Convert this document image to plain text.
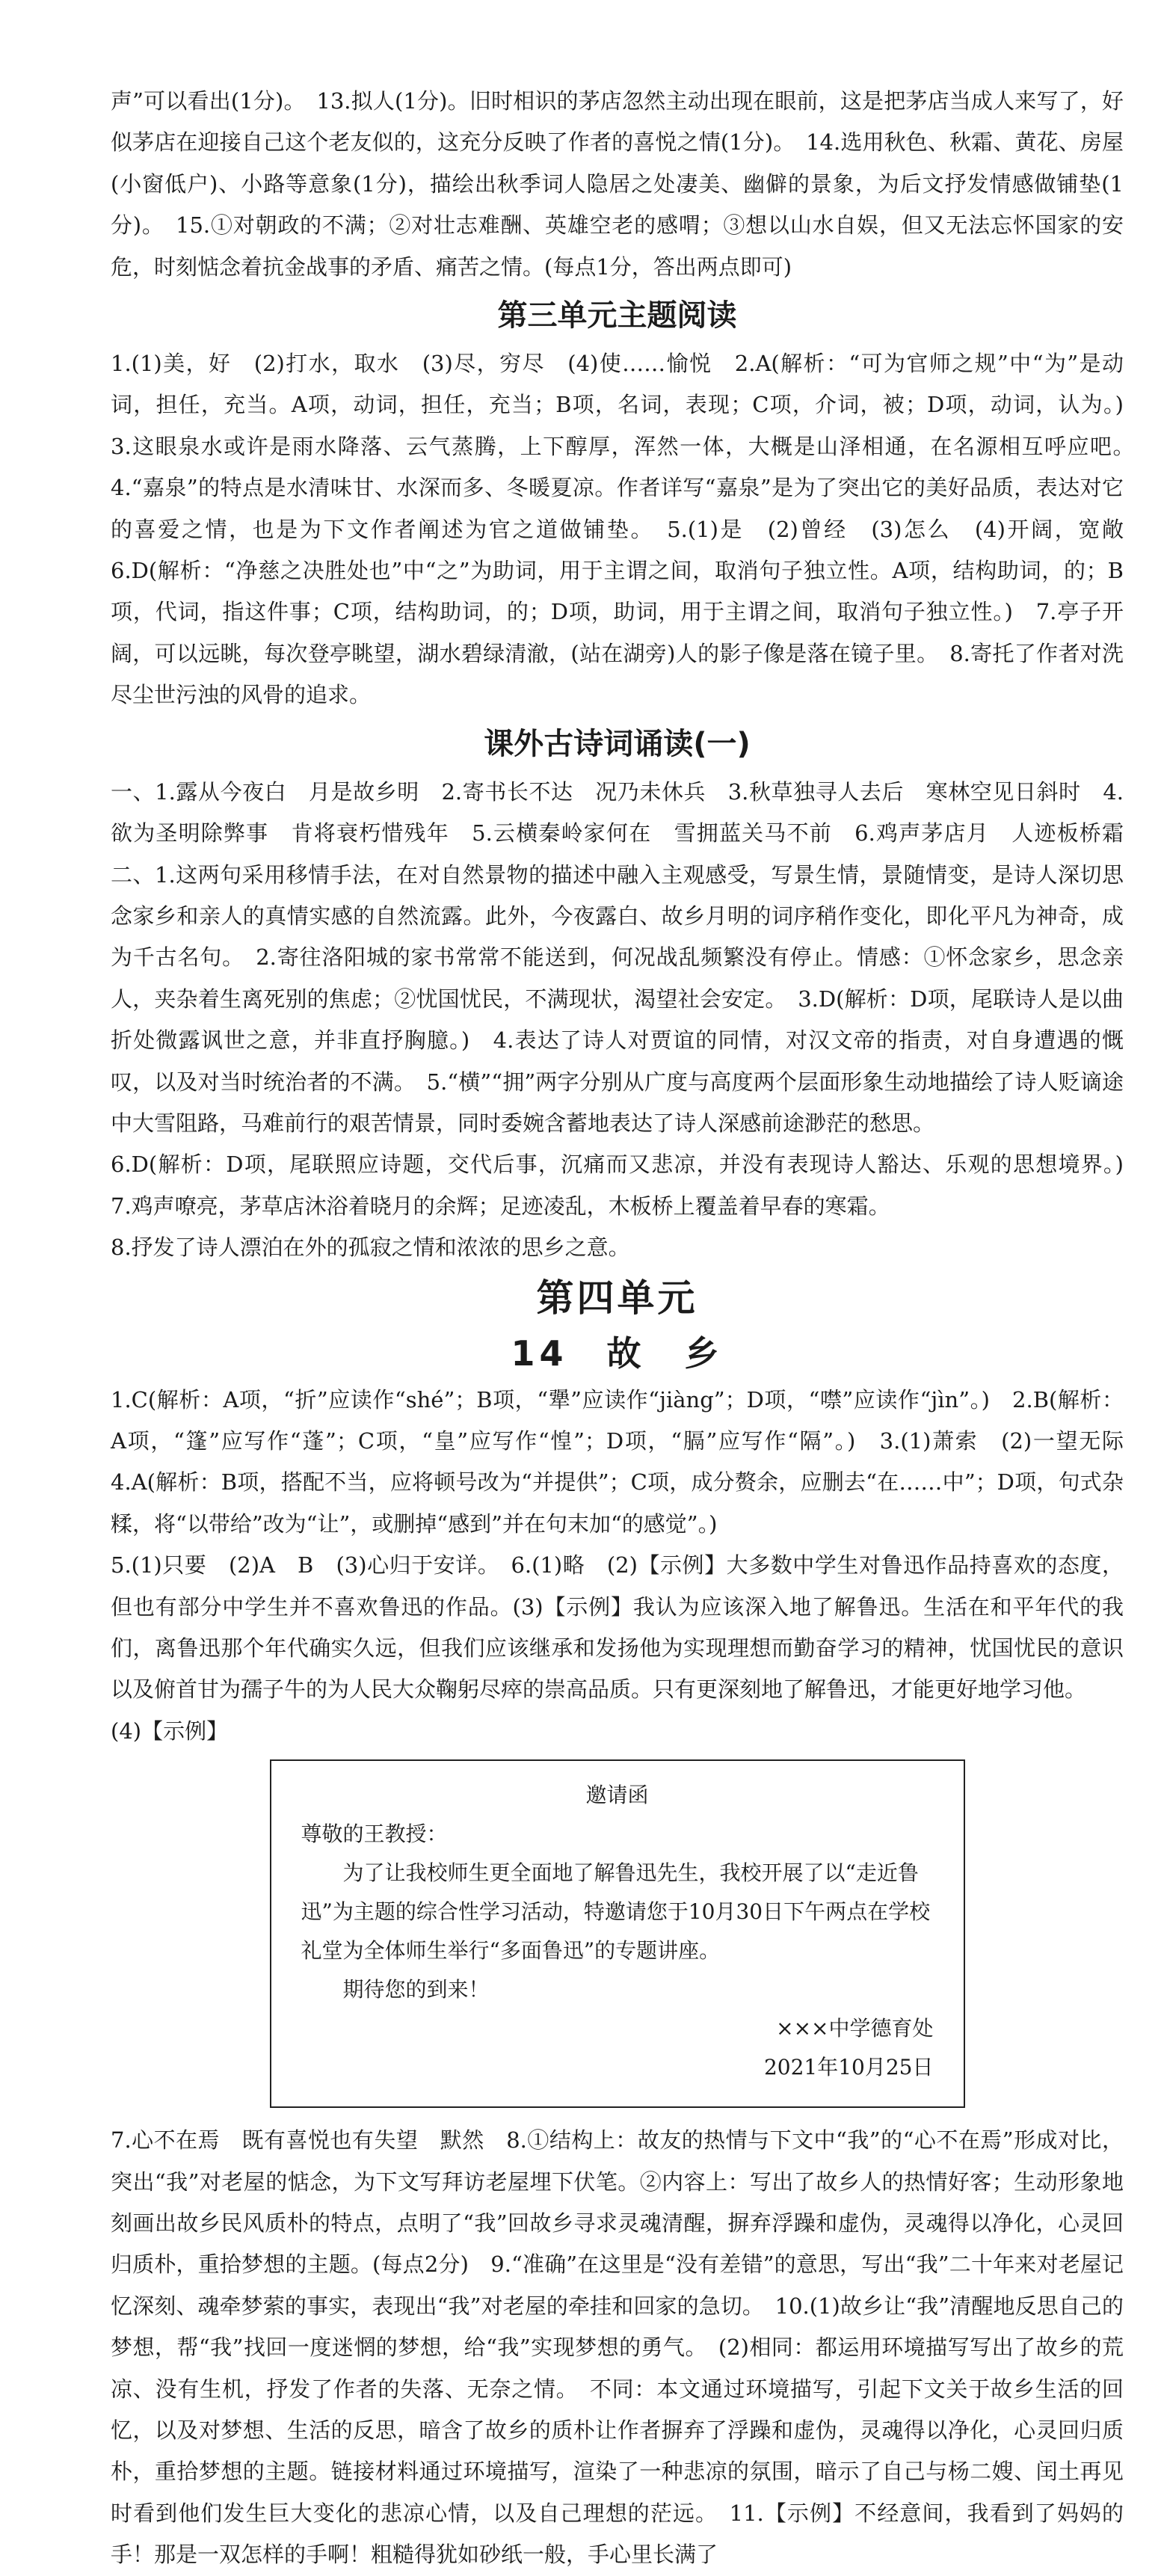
声”可以看出(1分)。　13.拟人(1分)。旧时相识的茅店忽然主动出现在眼前，这是把茅店当成人来写了，好似茅店在迎接自己这个老友似的，这充分反映了作者的喜悦之情(1分)。　14.选用秋色、秋霜、黄花、房屋(小窗低户)、小路等意象(1分)，描绘出秋季词人隐居之处凄美、幽僻的景象，为后文抒发情感做铺垫(1分)。　15.①对朝政的不满；②对壮志难酬、英雄空老的感喟；③想以山水自娱，但又无法忘怀国家的安危，时刻惦念着抗金战事的矛盾、痛苦之情。(每点1分，答出两点即可)

第三单元主题阅读

1.(1)美，好　(2)打水，取水　(3)尽，穷尽　(4)使……愉悦　2.A(解析：“可为官师之规”中“为”是动词，担任，充当。A项，动词，担任，充当；B项，名词，表现；C项，介词，被；D项，动词，认为。)　3.这眼泉水或许是雨水降落、云气蒸腾，上下醇厚，浑然一体，大概是山泽相通，在名源相互呼应吧。　4.“嘉泉”的特点是水清味甘、水深而多、冬暖夏凉。作者详写“嘉泉”是为了突出它的美好品质，表达对它的喜爱之情，也是为下文作者阐述为官之道做铺垫。　5.(1)是　(2)曾经　(3)怎么　(4)开阔，宽敞　6.D(解析：“净慈之决胜处也”中“之”为助词，用于主谓之间，取消句子独立性。A项，结构助词，的；B项，代词，指这件事；C项，结构助词，的；D项，助词，用于主谓之间，取消句子独立性。)　7.亭子开阔，可以远眺，每次登亭眺望，湖水碧绿清澈，(站在湖旁)人的影子像是落在镜子里。　8.寄托了作者对洗尽尘世污浊的风骨的追求。

课外古诗词诵读(一)

一、1.露从今夜白　月是故乡明　2.寄书长不达　况乃未休兵　3.秋草独寻人去后　寒林空见日斜时　4.欲为圣明除弊事　肯将衰朽惜残年　5.云横秦岭家何在　雪拥蓝关马不前　6.鸡声茅店月　人迹板桥霜　二、1.这两句采用移情手法，在对自然景物的描述中融入主观感受，写景生情，景随情变，是诗人深切思念家乡和亲人的真情实感的自然流露。此外，今夜露白、故乡月明的词序稍作变化，即化平凡为神奇，成为千古名句。　2.寄往洛阳城的家书常常不能送到，何况战乱频繁没有停止。情感：①怀念家乡，思念亲人，夹杂着生离死别的焦虑；②忧国忧民，不满现状，渴望社会安定。　3.D(解析：D项，尾联诗人是以曲折处微露讽世之意，并非直抒胸臆。)　4.表达了诗人对贾谊的同情，对汉文帝的指责，对自身遭遇的慨叹，以及对当时统治者的不满。　5.“横”“拥”两字分别从广度与高度两个层面形象生动地描绘了诗人贬谪途中大雪阻路，马难前行的艰苦情景，同时委婉含蓄地表达了诗人深感前途渺茫的愁思。

6.D(解析：D项，尾联照应诗题，交代后事，沉痛而又悲凉，并没有表现诗人豁达、乐观的思想境界。)　7.鸡声嘹亮，茅草店沐浴着晓月的余辉；足迹凌乱，木板桥上覆盖着早春的寒霜。

8.抒发了诗人漂泊在外的孤寂之情和浓浓的思乡之意。

第四单元
14　故　乡

1.C(解析：A项，“折”应读作“shé”；B项，“犟”应读作“jiàng”；D项，“噤”应读作“jìn”。)　2.B(解析：A项，“篷”应写作“蓬”；C项，“皇”应写作“惶”；D项，“膈”应写作“隔”。)　3.(1)萧索　(2)一望无际　4.A(解析：B项，搭配不当，应将顿号改为“并提供”；C项，成分赘余，应删去“在……中”；D项，句式杂糅，将“以带给”改为“让”，或删掉“感到”并在句末加“的感觉”。)

5.(1)只要　(2)A　B　(3)心归于安详。　6.(1)略　(2)【示例】大多数中学生对鲁迅作品持喜欢的态度，但也有部分中学生并不喜欢鲁迅的作品。(3)【示例】我认为应该深入地了解鲁迅。生活在和平年代的我们，离鲁迅那个年代确实久远，但我们应该继承和发扬他为实现理想而勤奋学习的精神，忧国忧民的意识以及俯首甘为孺子牛的为人民大众鞠躬尽瘁的崇高品质。只有更深刻地了解鲁迅，才能更好地学习他。

(4)【示例】

邀请函
尊敬的王教授：
为了让我校师生更全面地了解鲁迅先生，我校开展了以“走近鲁迅”为主题的综合性学习活动，特邀请您于10月30日下午两点在学校礼堂为全体师生举行“多面鲁迅”的专题讲座。
期待您的到来！
×××中学德育处
2021年10月25日

7.心不在焉　既有喜悦也有失望　默然　8.①结构上：故友的热情与下文中“我”的“心不在焉”形成对比，突出“我”对老屋的惦念，为下文写拜访老屋埋下伏笔。②内容上：写出了故乡人的热情好客；生动形象地刻画出故乡民风质朴的特点，点明了“我”回故乡寻求灵魂清醒，摒弃浮躁和虚伪，灵魂得以净化，心灵回归质朴，重拾梦想的主题。(每点2分)　9.“准确”在这里是“没有差错”的意思，写出“我”二十年来对老屋记忆深刻、魂牵梦萦的事实，表现出“我”对老屋的牵挂和回家的急切。　10.(1)故乡让“我”清醒地反思自己的梦想，帮“我”找回一度迷惘的梦想，给“我”实现梦想的勇气。　(2)相同：都运用环境描写写出了故乡的荒凉、没有生机，抒发了作者的失落、无奈之情。　不同：本文通过环境描写，引起下文关于故乡生活的回忆，以及对梦想、生活的反思，暗含了故乡的质朴让作者摒弃了浮躁和虚伪，灵魂得以净化，心灵回归质朴，重拾梦想的主题。链接材料通过环境描写，渲染了一种悲凉的氛围，暗示了自己与杨二嫂、闰土再见时看到他们发生巨大变化的悲凉心情，以及自己理想的茫远。　11.【示例】不经意间，我看到了妈妈的手！那是一双怎样的手啊！粗糙得犹如砂纸一般，手心里长满了
